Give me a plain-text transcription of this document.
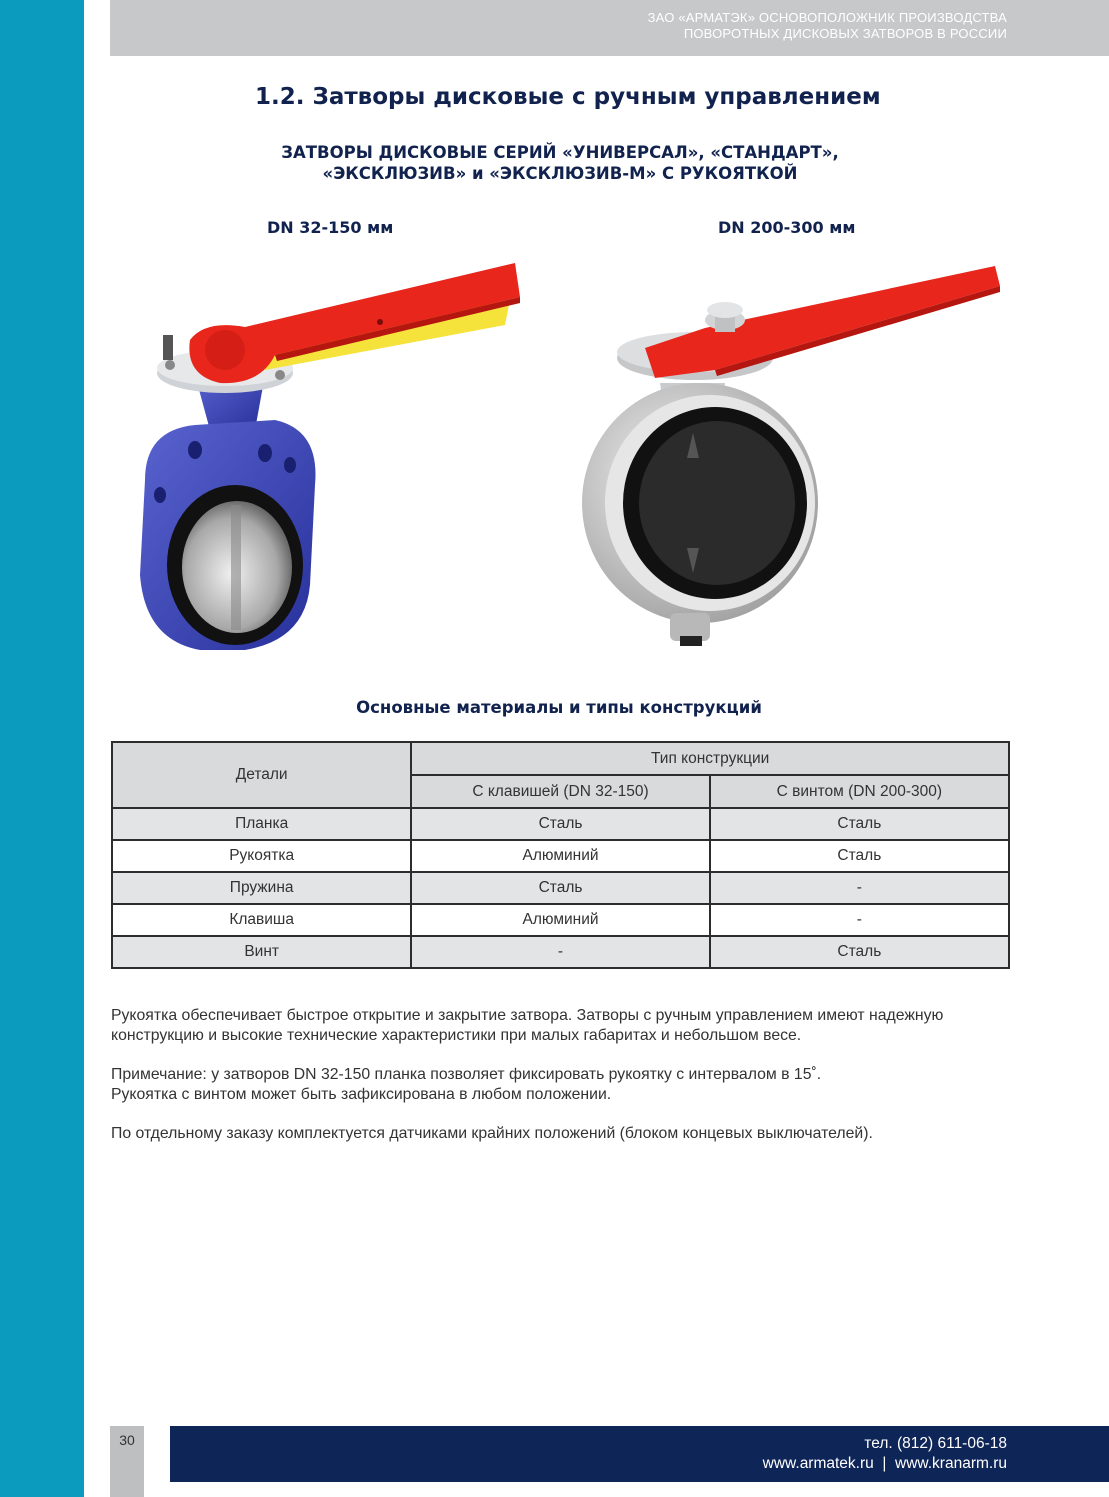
ЗАО «АРМАТЭК» ОСНОВОПОЛОЖНИК ПРОИЗВОДСТВА
ПОВОРОТНЫХ ДИСКОВЫХ ЗАТВОРОВ В РОССИИ
1.2. Затворы дисковые с ручным управлением
ЗАТВОРЫ ДИСКОВЫЕ СЕРИЙ «УНИВЕРСАЛ», «СТАНДАРТ»,
«ЭКСКЛЮЗИВ» и «ЭКСКЛЮЗИВ-М» С РУКОЯТКОЙ
DN 32-150 мм	DN 200-300 мм
Основные материалы и типы конструкций
Детали	Тип конструкции	
	С клавишей (DN 32-150)	С винтом (DN 200-300)
Планка	Сталь	Сталь
Рукоятка	Алюминий	Сталь
Пружина	Сталь	-
Клавиша	Алюминий	-
Винт	-	Сталь

Рукоятка обеспечивает быстрое открытие и закрытие затвора. Затворы с ручным управлением имеют надежную конструкцию и высокие технические характеристики при малых габаритах и небольшом весе.

Примечание: у затворов DN 32-150 планка позволяет фиксировать рукоятку с интервалом в 15˚.
Рукоятка с винтом может быть зафиксирована в любом положении.

По отдельному заказу комплектуется датчиками крайних положений (блоком концевых выключателей).

30	тел. (812) 611-06-18
www.armatek.ru  |  www.kranarm.ru
